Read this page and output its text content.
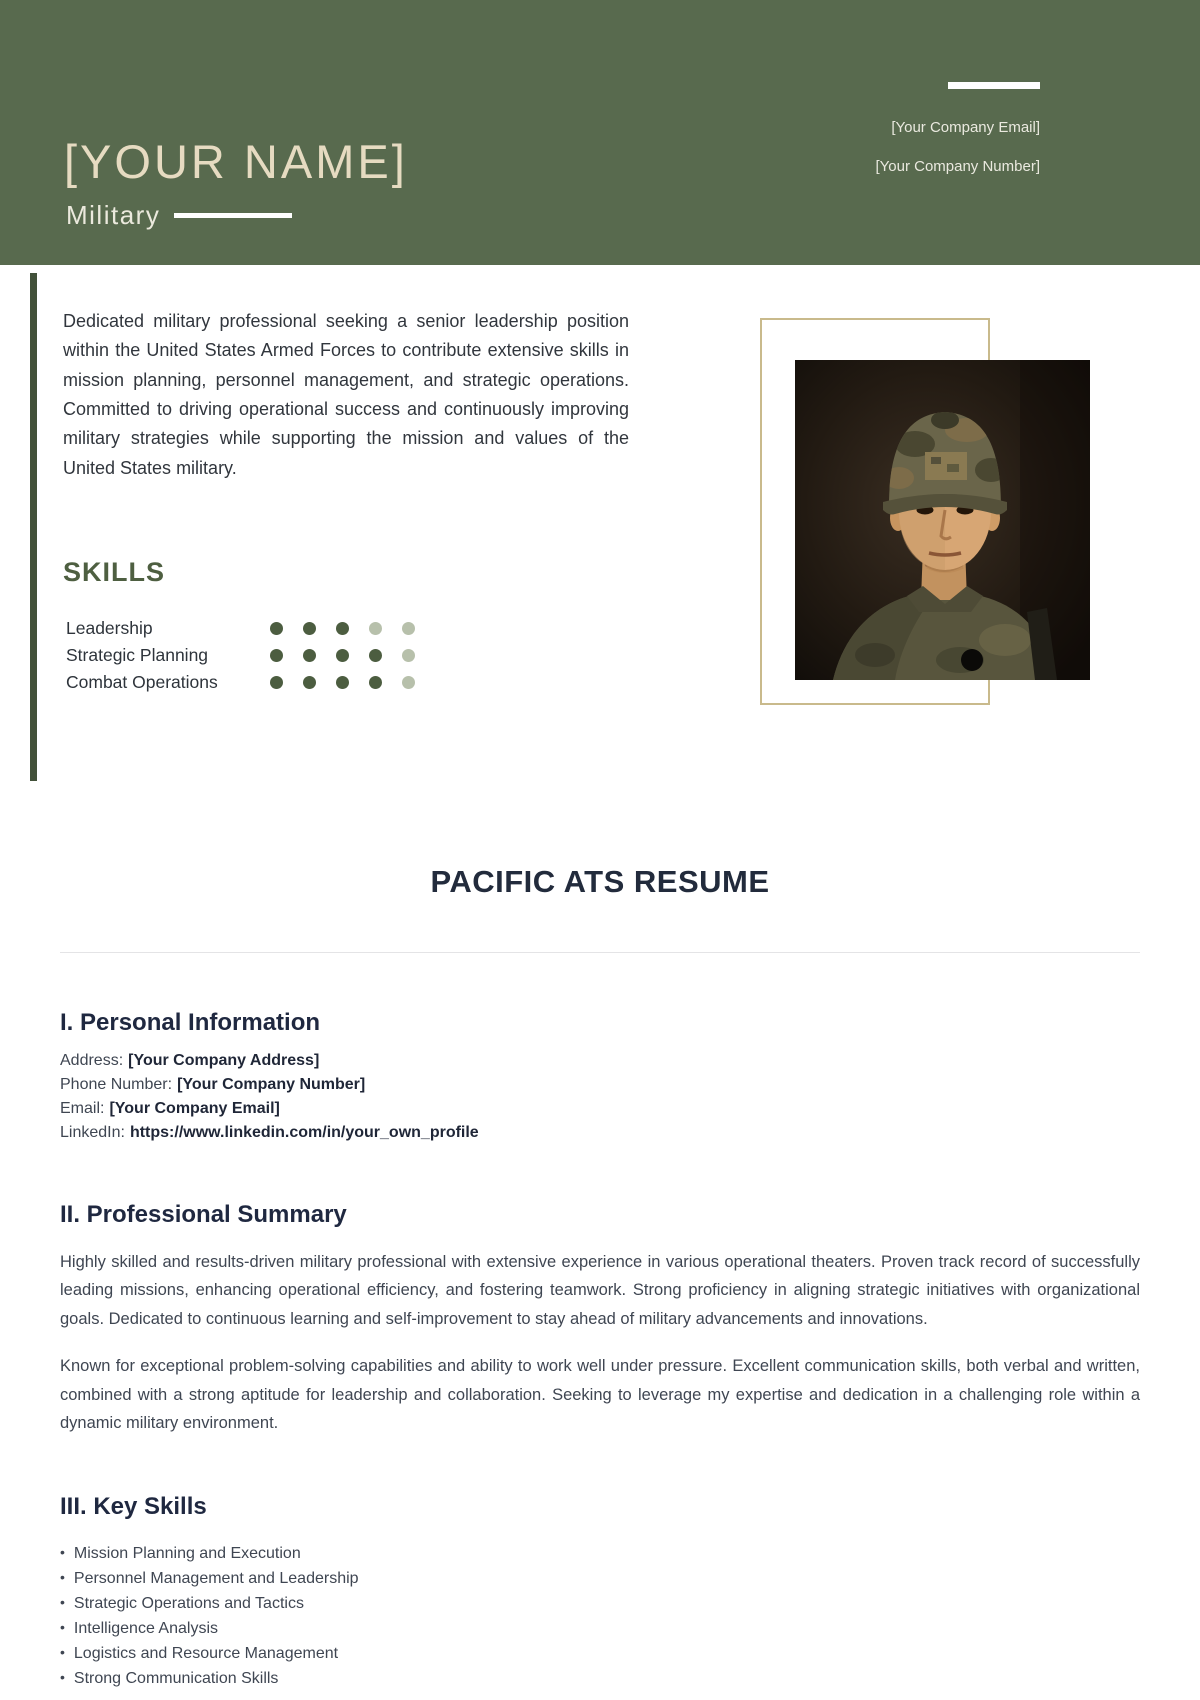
[YOUR NAME]
Military
[Your Company Email]
[Your Company Number]

Dedicated military professional seeking a senior leadership position within the United States Armed Forces to contribute extensive skills in mission planning, personnel management, and strategic operations. Committed to driving operational success and continuously improving military strategies while supporting the mission and values of the United States military.

SKILLS
Leadership
Strategic Planning
Combat Operations
PACIFIC ATS RESUME
I. Personal Information
Address: [Your Company Address]
Phone Number: [Your Company Number]
Email: [Your Company Email]
LinkedIn: https://www.linkedin.com/in/your_own_profile
II. Professional Summary

Highly skilled and results-driven military professional with extensive experience in various operational theaters. Proven track record of successfully leading missions, enhancing operational efficiency, and fostering teamwork. Strong proficiency in aligning strategic initiatives with organizational goals. Dedicated to continuous learning and self-improvement to stay ahead of military advancements and innovations.

Known for exceptional problem-solving capabilities and ability to work well under pressure. Excellent communication skills, both verbal and written, combined with a strong aptitude for leadership and collaboration. Seeking to leverage my expertise and dedication in a challenging role within a dynamic military environment.

III. Key Skills
• Mission Planning and Execution
• Personnel Management and Leadership
• Strategic Operations and Tactics
• Intelligence Analysis
• Logistics and Resource Management
• Strong Communication Skills
